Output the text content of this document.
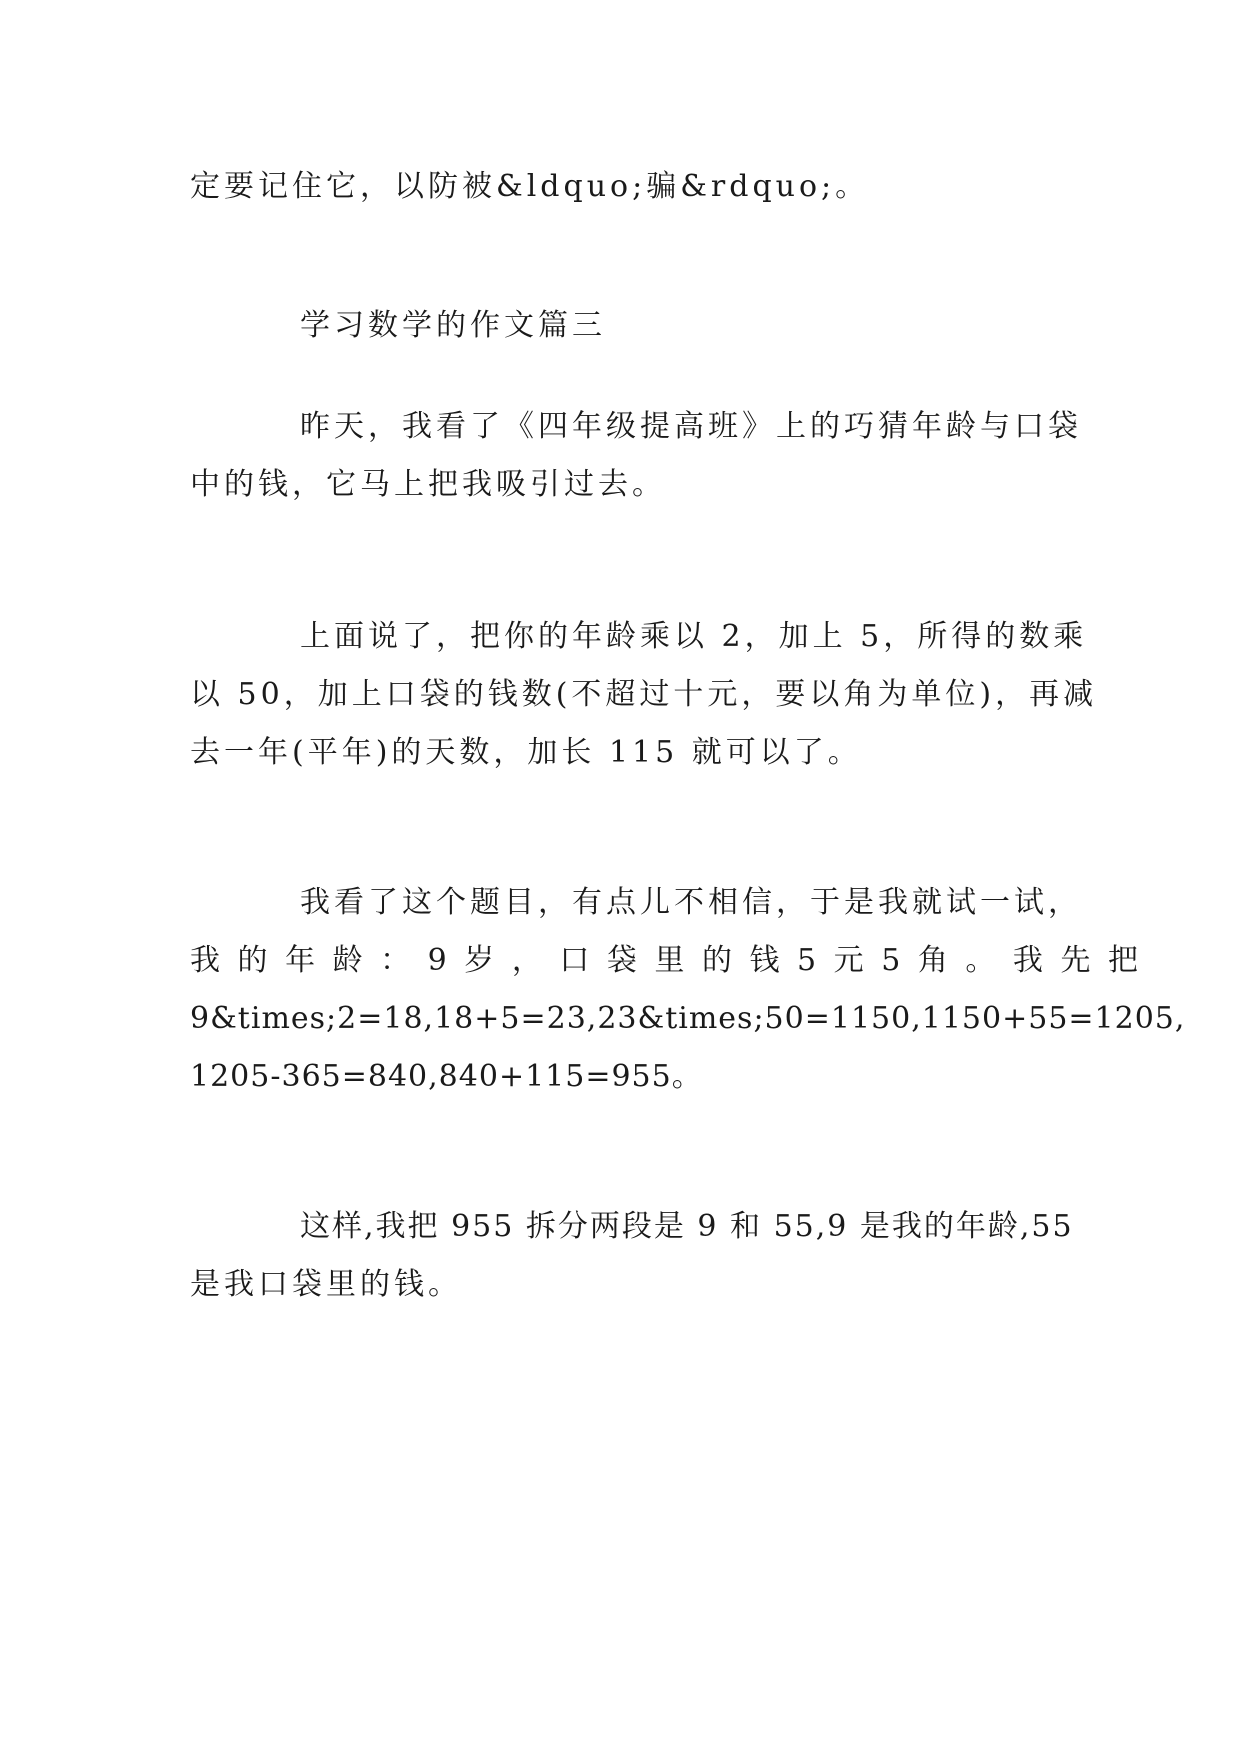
定要记住它，以防被&ldquo;骗&rdquo;。
学习数学的作文篇三
昨天，我看了《四年级提高班》上的巧猜年龄与口袋
中的钱，它马上把我吸引过去。
上面说了，把你的年龄乘以 2，加上 5，所得的数乘
以 50，加上口袋的钱数(不超过十元，要以角为单位)，再减
去一年(平年)的天数，加长 115 就可以了。
我看了这个题目，有点儿不相信，于是我就试一试，
我 的 年 龄 ： 9 岁 ， 口 袋 里 的 钱 5 元 5 角 。 我 先 把
9&times;2=18,18+5=23,23&times;50=1150,1150+55=1205,
1205-365=840,840+115=955。
这样,我把 955 拆分两段是 9 和 55,9 是我的年龄,55
是我口袋里的钱。
